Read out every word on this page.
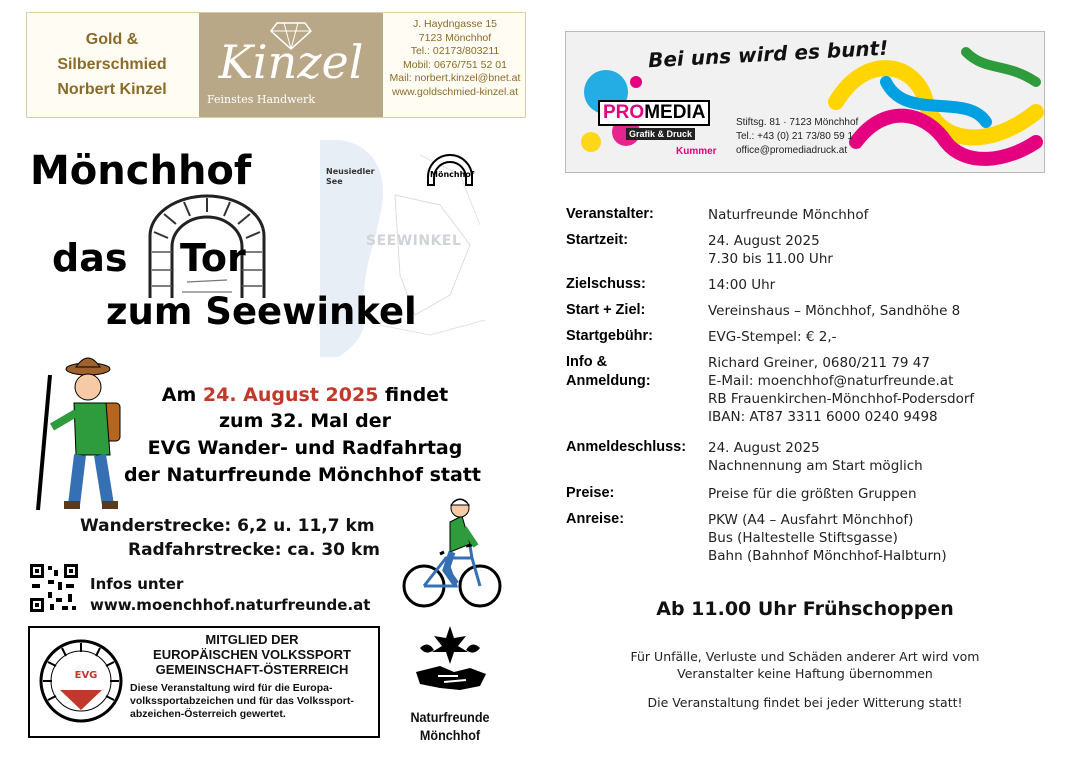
Gold &
Silberschmied
Norbert Kinzel
Kinzel
Feinstes Handwerk
J. Haydngasse 15
7123 Mönchhof
Tel.: 02173/803211
Mobil: 0676/751 52 01
Mail: norbert.kinzel@bnet.at
www.goldschmied-kinzel.at
Neusiedler See
SEEWINKEL
Mönchhof
Mönchhof
das Tor
zum Seewinkel
Am 24. August 2025 findet
zum 32. Mal der
EVG Wander- und Radfahrtag
der Naturfreunde Mönchhof statt
Wanderstrecke: 6,2 u. 11,7 km
Radfahrstrecke: ca. 30 km
Infos unter
www.moenchhof.naturfreunde.at
EVG
MITGLIED DER
EUROPÄISCHEN VOLKSSPORT
GEMEINSCHAFT-ÖSTERREICH
Diese Veranstaltung wird für die Europa-
volkssportabzeichen und für das Volkssport-
abzeichen-Österreich gewertet.	Naturfreunde
Mönchhof
Bei uns wird es bunt!
PROMEDIA
Grafik & Druck
Kummer
Stiftsg. 81 · 7123 Mönchhof
Tel.: +43 (0) 21 73/80 59 1
office@promediadruck.at
Veranstalter:	Naturfreunde Mönchhof
Startzeit:	24. August 2025
7.30 bis 11.00 Uhr
Zielschuss:	14:00 Uhr
Start + Ziel:	Vereinshaus – Mönchhof, Sandhöhe 8
Startgebühr:	EVG-Stempel: € 2,-
Info &
Anmeldung:
Richard Greiner, 0680/211 79 47
E-Mail: moenchhof@naturfreunde.at
RB Frauenkirchen-Mönchhof-Podersdorf
IBAN: AT87 3311 6000 0240 9498
Anmeldeschluss: 24. August 2025
Nachnennung am Start möglich
Preise:	Preise für die größten Gruppen
Anreise:	PKW (A4 – Ausfahrt Mönchhof)
Bus (Haltestelle Stiftsgasse)
Bahn (Bahnhof Mönchhof-Halbturn)
Ab 11.00 Uhr Frühschoppen
Für Unfälle, Verluste und Schäden anderer Art wird vom
Veranstalter keine Haftung übernommen
Die Veranstaltung findet bei jeder Witterung statt!
